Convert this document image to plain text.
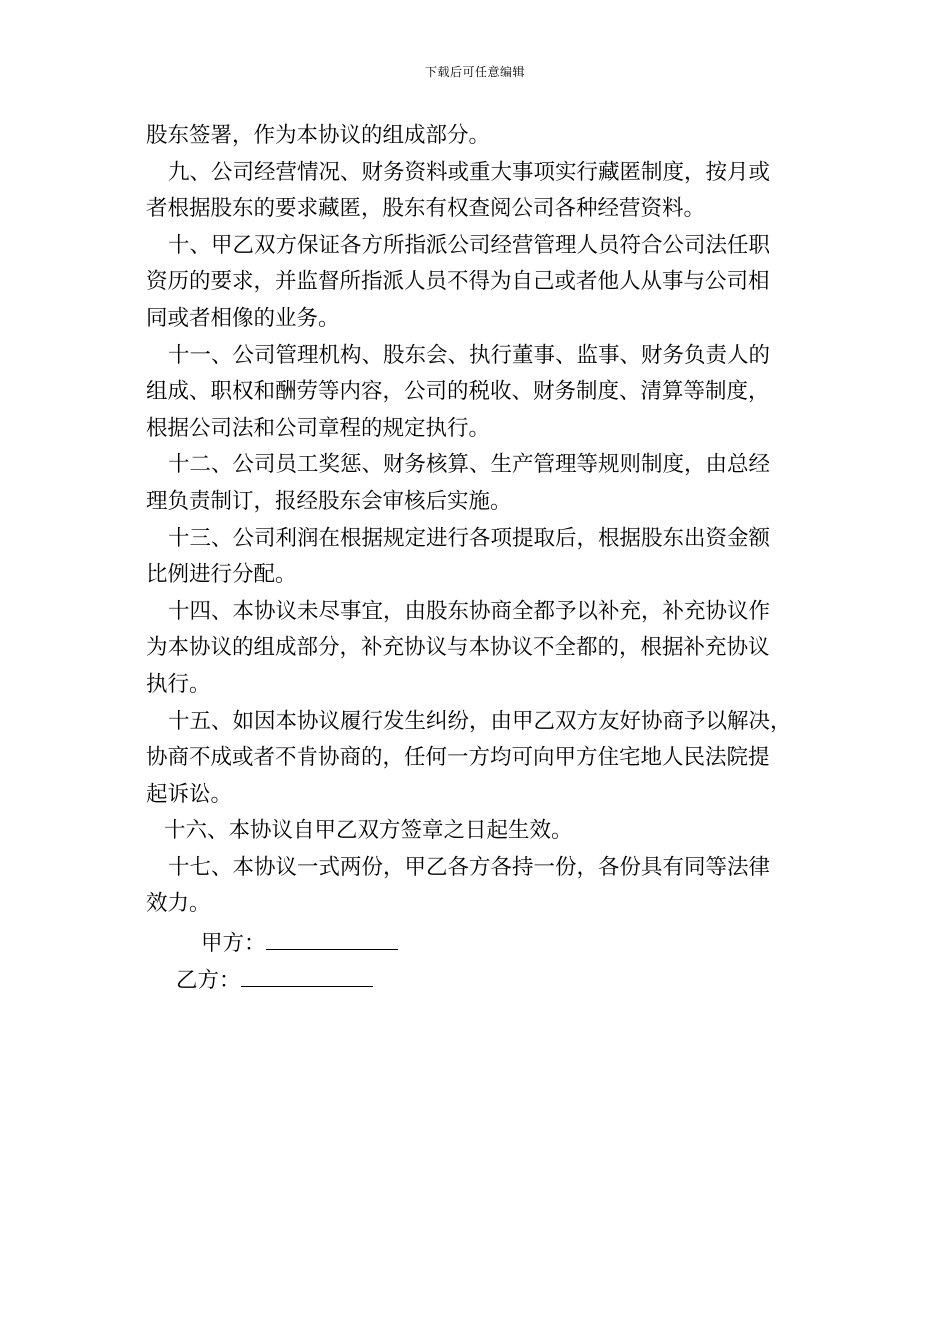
下载后可任意编辑
股东签署，作为本协议的组成部分。
九、公司经营情况、财务资料或重大事项实行藏匿制度，按月或
者根据股东的要求藏匿，股东有权查阅公司各种经营资料。
十、甲乙双方保证各方所指派公司经营管理人员符合公司法任职
资历的要求，并监督所指派人员不得为自己或者他人从事与公司相
同或者相像的业务。
十一、公司管理机构、股东会、执行董事、监事、财务负责人的
组成、职权和酬劳等内容，公司的税收、财务制度、清算等制度，
根据公司法和公司章程的规定执行。
十二、公司员工奖惩、财务核算、生产管理等规则制度，由总经
理负责制订，报经股东会审核后实施。
十三、公司利润在根据规定进行各项提取后，根据股东出资金额
比例进行分配。
十四、本协议未尽事宜，由股东协商全都予以补充，补充协议作
为本协议的组成部分，补充协议与本协议不全都的，根据补充协议
执行。
十五、如因本协议履行发生纠纷，由甲乙双方友好协商予以解决，
协商不成或者不肯协商的，任何一方均可向甲方住宅地人民法院提
起诉讼。
十六、本协议自甲乙双方签章之日起生效。
十七、本协议一式两份，甲乙各方各持一份，各份具有同等法律
效力。
甲方：
乙方：
